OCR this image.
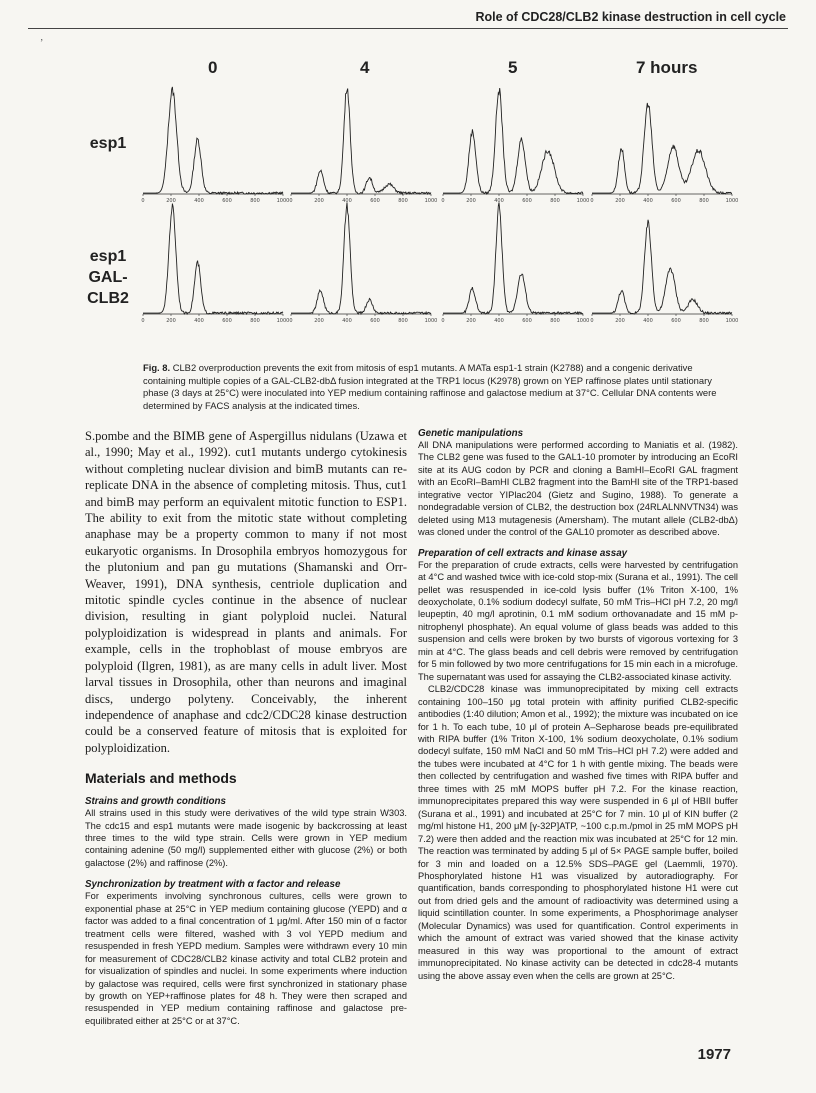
‚
Role of CDC28/CLB2 kinase destruction in cell cycle
0	4	5	7 hours
esp1
esp1
GAL-CLB2
0	200	400	600	800	1000 0	200	400	600	800	1000 0	200	400	600	800	1000 0	200	400	600	800	1000
0	200	400	600	800	1000 0	200	400	600	800	1000 0	200	400	600	800	1000 0	200	400	600	800	1000
Fig. 8. CLB2 overproduction prevents the exit from mitosis of esp1 mutants. A MATa esp1-1 strain (K2788) and a congenic derivative containing multiple copies of a GAL-CLB2-dbΔ fusion integrated at the TRP1 locus (K2978) grown on YEP raffinose plates until stationary phase (3 days at 25°C) were inoculated into YEP medium containing raffinose and galactose medium at 37°C. Cellular DNA contents were determined by FACS analysis at the indicated times.

S.pombe and the BIMB gene of Aspergillus nidulans (Uzawa et al., 1990; May et al., 1992). cut1 mutants undergo cytokinesis without completing nuclear division and bimB mutants can re-replicate DNA in the absence of completing mitosis. Thus, cut1 and bimB may perform an equivalent mitotic function to ESP1. The ability to exit from the mitotic state without completing anaphase may be a property common to many if not most eukaryotic organisms. In Drosophila embryos homozygous for the plutonium and pan gu mutations (Shamanski and Orr-Weaver, 1991), DNA synthesis, centriole duplication and mitotic spindle cycles continue in the absence of nuclear division, resulting in giant polyploid nuclei. Natural polyploidization is widespread in plants and animals. For example, cells in the trophoblast of mouse embryos are polyploid (Ilgren, 1981), as are many cells in adult liver. Most larval tissues in Drosophila, other than neurons and imaginal discs, undergo polyteny. Conceivably, the inherent independence of anaphase and cdc2/CDC28 kinase destruction could be a conserved feature of mitosis that is exploited for polyploidization.

Materials and methods

Strains and growth conditions

All strains used in this study were derivatives of the wild type strain W303. The cdc15 and esp1 mutants were made isogenic by backcrossing at least three times to the wild type strain. Cells were grown in YEP medium containing adenine (50 mg/l) supplemented either with glucose (2%) or both galactose (2%) and raffinose (2%).

Synchronization by treatment with α factor and release

For experiments involving synchronous cultures, cells were grown to exponential phase at 25°C in YEP medium containing glucose (YEPD) and α factor was added to a final concentration of 1 μg/ml. After 150 min of α factor treatment cells were filtered, washed with 3 vol YEPD medium and resuspended in fresh YEPD medium. Samples were withdrawn every 10 min for measurement of CDC28/CLB2 kinase activity and total CLB2 protein and for visualization of spindles and nuclei. In some experiments where induction by galactose was required, cells were first synchronized in stationary phase by growth on YEP+raffinose plates for 48 h. They were then scraped and resuspended in YEP medium containing raffinose and galactose pre-equilibrated either at 25°C or at 37°C.

Genetic manipulations

All DNA manipulations were performed according to Maniatis et al. (1982). The CLB2 gene was fused to the GAL1-10 promoter by introducing an EcoRI site at its AUG codon by PCR and cloning a BamHI–EcoRI GAL fragment with an EcoRI–BamHI CLB2 fragment into the BamHI site of the TRP1-based integrative vector YIPlac204 (Gietz and Sugino, 1988). To generate a nondegradable version of CLB2, the destruction box (24RLALNNVTN34) was deleted using M13 mutagenesis (Amersham). The mutant allele (CLB2-dbΔ) was cloned under the control of the GAL10 promoter as described above.

Preparation of cell extracts and kinase assay

For the preparation of crude extracts, cells were harvested by centrifugation at 4°C and washed twice with ice-cold stop-mix (Surana et al., 1991). The cell pellet was resuspended in ice-cold lysis buffer (1% Triton X-100, 1% deoxycholate, 0.1% sodium dodecyl sulfate, 50 mM Tris–HCl pH 7.2, 20 mg/l leupeptin, 40 mg/l aprotinin, 0.1 mM sodium orthovanadate and 15 mM p-nitrophenyl phosphate). An equal volume of glass beads was added to this suspension and cells were broken by two bursts of vigorous vortexing for 3 min at 4°C. The glass beads and cell debris were removed by centrifugation for 5 min followed by two more centrifugations for 15 min each in a microfuge. The supernatant was used for assaying the CLB2-associated kinase activity.

CLB2/CDC28 kinase was immunoprecipitated by mixing cell extracts containing 100–150 μg total protein with affinity purified CLB2-specific antibodies (1:40 dilution; Amon et al., 1992); the mixture was incubated on ice for 1 h. To each tube, 10 μl of protein A–Sepharose beads pre-equilibrated with RIPA buffer (1% Triton X-100, 1% sodium deoxycholate, 0.1% sodium dodecyl sulfate, 150 mM NaCl and 50 mM Tris–HCl pH 7.2) were added and the tubes were incubated at 4°C for 1 h with gentle mixing. The beads were then collected by centrifugation and washed five times with RIPA buffer and three times with 25 mM MOPS buffer pH 7.2. For the kinase reaction, immunoprecipitates prepared this way were suspended in 6 μl of HBII buffer (Surana et al., 1991) and incubated at 25°C for 7 min. 10 μl of KIN buffer (2 mg/ml histone H1, 200 μM [γ-32P]ATP, ~100 c.p.m./pmol in 25 mM MOPS pH 7.2) were then added and the reaction mix was incubated at 25°C for 12 min. The reaction was terminated by adding 5 μl of 5× PAGE sample buffer, boiled for 3 min and loaded on a 12.5% SDS–PAGE gel (Laemmli, 1970). Phosphorylated histone H1 was visualized by autoradiography. For quantification, bands corresponding to phosphorylated histone H1 were cut out from dried gels and the amount of radioactivity was determined using a liquid scintillation counter. In some experiments, a Phosphorimage analyser (Molecular Dynamics) was used for quantification. Control experiments in which the amount of extract was varied showed that the kinase activity measured in this way was proportional to the amount of extract immunoprecipitated. No kinase activity can be detected in cdc28-4 mutants using the above assay even when the cells are grown at 25°C.

1977
